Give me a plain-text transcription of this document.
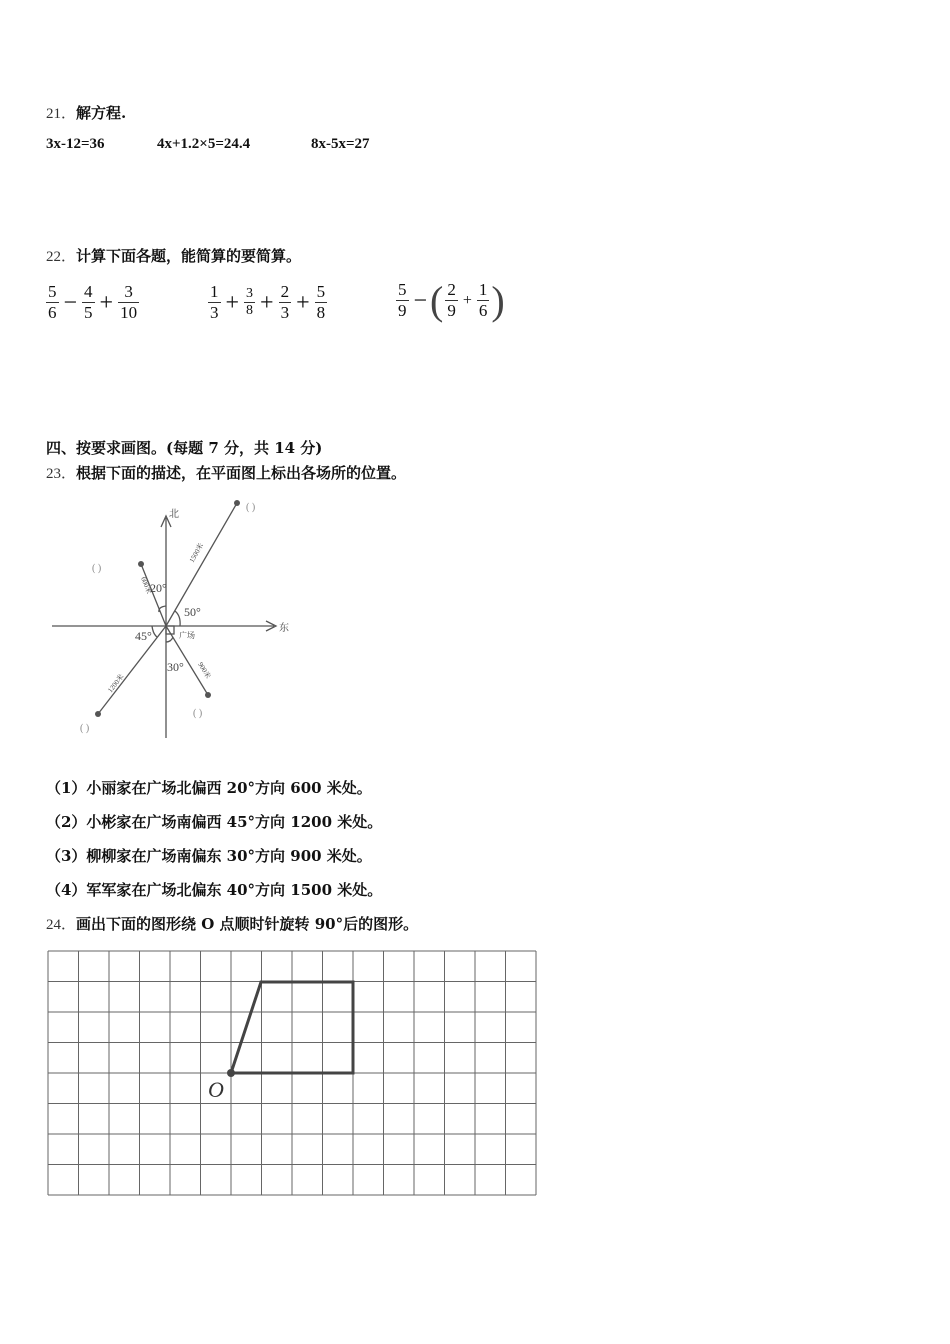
21．解方程.
3x-12=36	4x+1.2×5=24.4	8x-5x=27
22．计算下面各题，能简算的要简算。
$\frac{5}{6} - \frac{4}{5} + \frac{3}{10}$	$\frac{1}{3} + \frac{3}{8} + \frac{2}{3} + \frac{5}{8}$	$\frac{5}{9}$ − ( $\frac{2}{9} + \frac{1}{6}$ )
四、按要求画图。(每题 7 分，共 14 分)
23．根据下面的描述，在平面图上标出各场所的位置。
北
东
广场
20°
50°
45°
30°
1500米
600米
1200米
900米
( )
( )
( )
( )
（1）小丽家在广场北偏西 20°方向 600 米处。
（2）小彬家在广场南偏西 45°方向 1200 米处。
（3）柳柳家在广场南偏东 30°方向 900 米处。
（4）军军家在广场北偏东 40°方向 1500 米处。
24．画出下面的图形绕 O 点顺时针旋转 90°后的图形。
O
